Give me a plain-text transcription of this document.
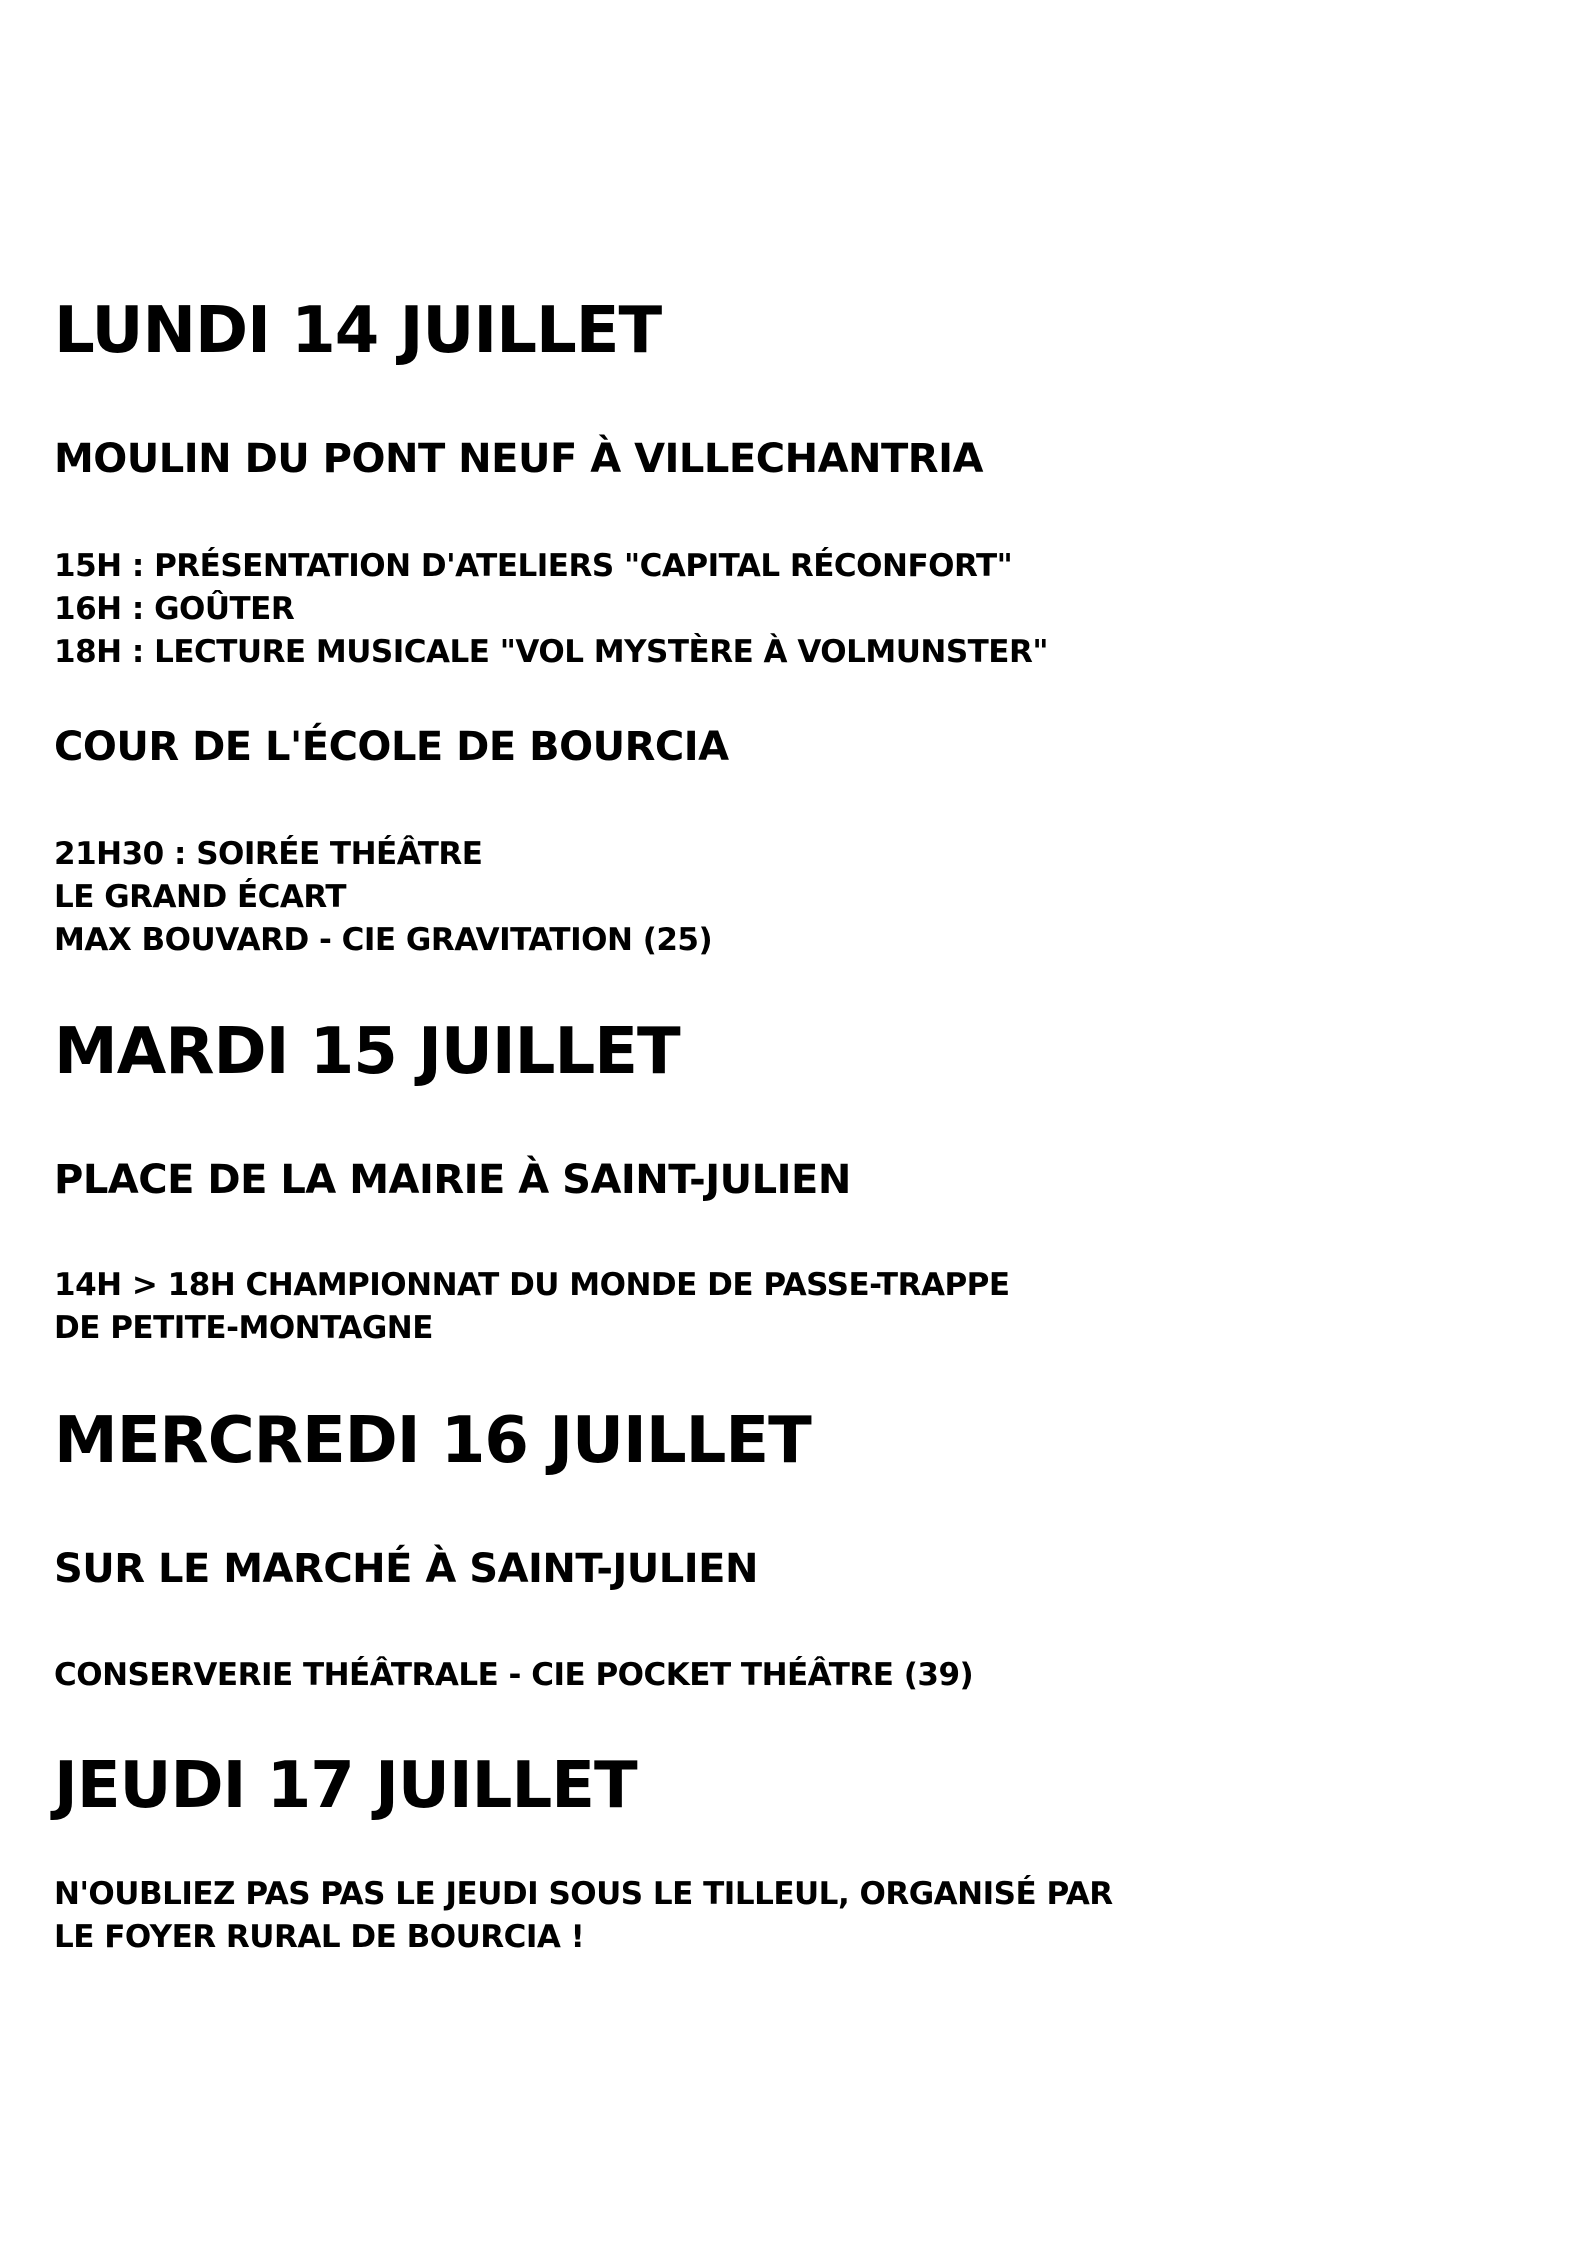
LUNDI 14 JUILLET
MOULIN DU PONT NEUF À VILLECHANTRIA
15H : PRÉSENTATION D'ATELIERS "CAPITAL RÉCONFORT"
16H : GOÛTER
18H : LECTURE MUSICALE "VOL MYSTÈRE À VOLMUNSTER"
COUR DE L'ÉCOLE DE BOURCIA
21H30 : SOIRÉE THÉÂTRE
LE GRAND ÉCART
MAX BOUVARD - CIE GRAVITATION (25)
MARDI 15 JUILLET
PLACE DE LA MAIRIE À SAINT-JULIEN
14H > 18H CHAMPIONNAT DU MONDE DE PASSE-TRAPPE
DE PETITE-MONTAGNE
MERCREDI 16 JUILLET
SUR LE MARCHÉ À SAINT-JULIEN
CONSERVERIE THÉÂTRALE - CIE POCKET THÉÂTRE (39)
JEUDI 17 JUILLET
N'OUBLIEZ PAS PAS LE JEUDI SOUS LE TILLEUL, ORGANISÉ PAR
LE FOYER RURAL DE BOURCIA !
